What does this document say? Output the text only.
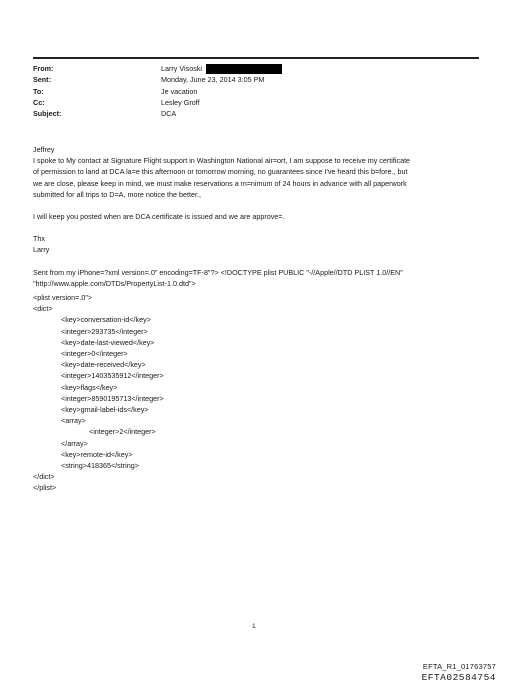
From:	Larry Visoski
Sent:	Monday, June 23, 2014 3:05 PM
To:	Je vacation
Cc:	Lesley Groff
Subject:	DCA

Jeffrey

I spoke to My contact at Signature Flight support in Washington National air=ort, I am suppose to receive my certificate

of permission to land at DCA la=e this afternoon or tomorrow morning, no guarantees since I've heard this b=fore., but

we are close, please keep in mind, we must make reservations a m=nimum of 24 hours in advance with all paperwork

submitted for all trips to D=A, more notice the better.,

I will keep you posted when are DCA certificate is issued and we are approve=.

Thx

Larry

Sent from my iPhone=?xml version=.0" encoding=TF-8"?> <!DOCTYPE plist PUBLIC "-//Apple//DTD PLIST 1.0//EN"

"http://www.apple.com/DTDs/PropertyList-1.0.dtd">

<plist version=.0">
<dict>
<key>conversation-id</key>
<integer>293735</integer>
<key>date-last-viewed</key>
<integer>0</integer>
<key>date-received</key>
<integer>1403535912</integer>
<key>flags</key>
<integer>8590195713</integer>
<key>gmail-label-ids</key>
<array>
<integer>2</integer>
</array>
<key>remote-id</key>
<string>418365</string>
</dict>
</plist>
1
EFTA_R1_01763757
EFTA02584754
